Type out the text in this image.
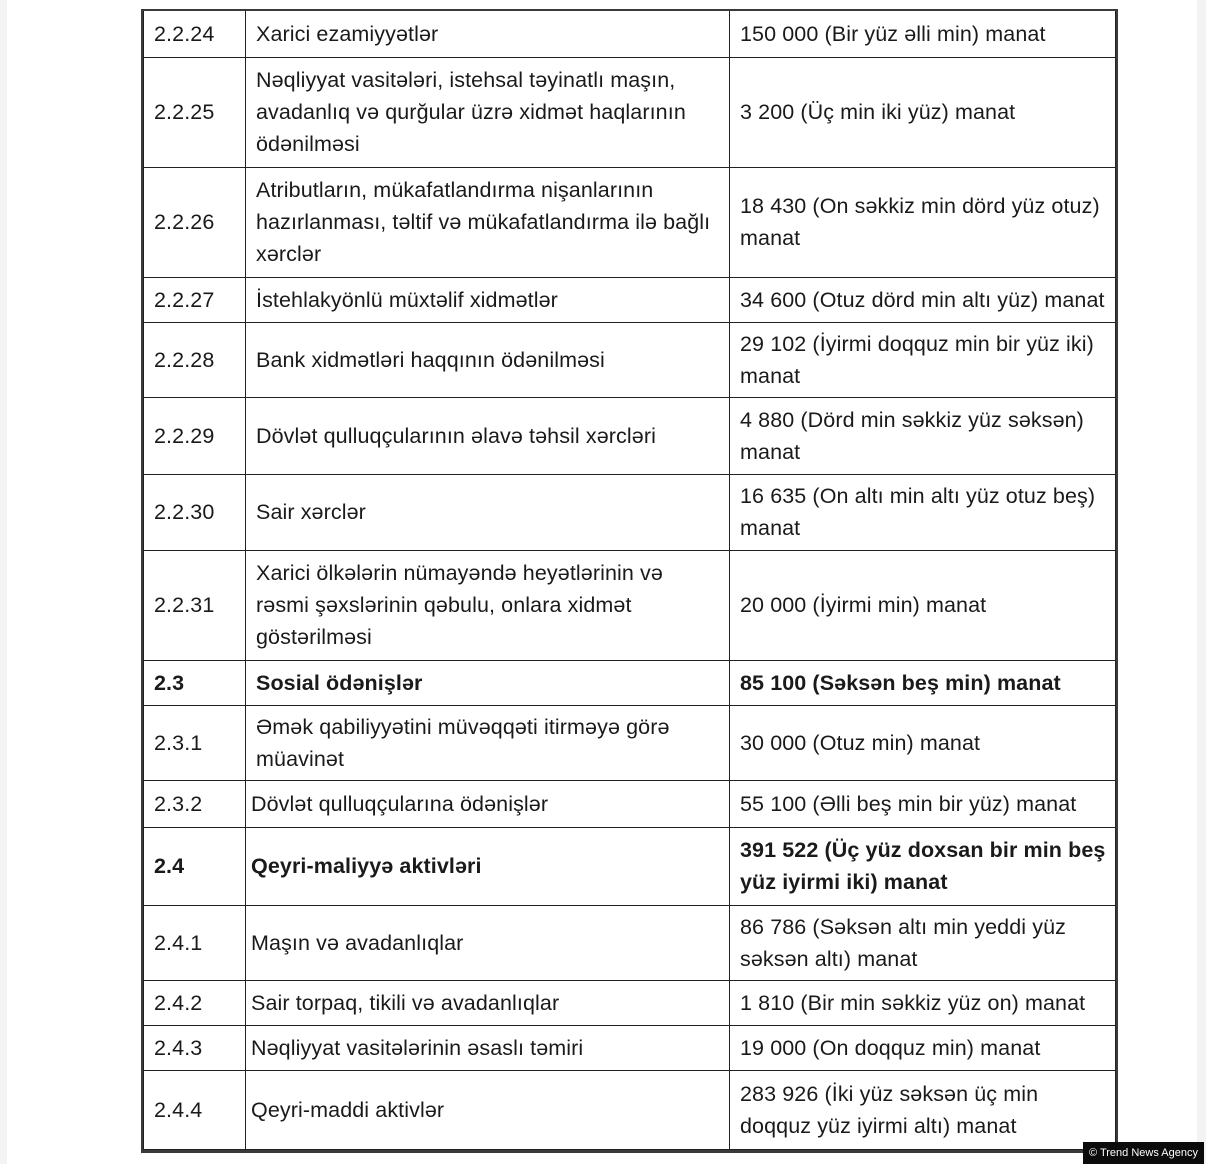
2.2.24	Xarici ezamiyyətlər	150 000 (Bir yüz əlli min) manat
2.2.25	Nəqliyyat vasitələri, istehsal təyinatlı maşın, avadanlıq və qurğular üzrə xidmət haqlarının ödənilməsi	3 200 (Üç min iki yüz) manat
2.2.26	Atributların, mükafatlandırma nişanlarının hazırlanması, təltif və mükafatlandırma ilə bağlı xərclər	18 430 (On səkkiz min dörd yüz otuz) manat
2.2.27	İstehlakyönlü müxtəlif xidmətlər	34 600 (Otuz dörd min altı yüz) manat
2.2.28	Bank xidmətləri haqqının ödənilməsi	29 102 (İyirmi doqquz min bir yüz iki) manat
2.2.29	Dövlət qulluqçularının əlavə təhsil xərcləri	4 880 (Dörd min səkkiz yüz səksən) manat
2.2.30	Sair xərclər	16 635 (On altı min altı yüz otuz beş) manat
2.2.31	Xarici ölkələrin nümayəndə heyətlərinin və rəsmi şəxslərinin qəbulu, onlara xidmət göstərilməsi	20 000 (İyirmi min) manat
2.3	Sosial ödənişlər	85 100 (Səksən beş min) manat
2.3.1	Əmək qabiliyyətini müvəqqəti itirməyə görə müavinət	30 000 (Otuz min) manat
2.3.2	Dövlət qulluqçularına ödənişlər	55 100 (Əlli beş min bir yüz) manat
2.4	Qeyri-maliyyə aktivləri	391 522 (Üç yüz doxsan bir min beş yüz iyirmi iki) manat
2.4.1	Maşın və avadanlıqlar	86 786 (Səksən altı min yeddi yüz səksən altı) manat
2.4.2	Sair torpaq, tikili və avadanlıqlar	1 810 (Bir min səkkiz yüz on) manat
2.4.3	Nəqliyyat vasitələrinin əsaslı təmiri	19 000 (On doqquz min) manat
2.4.4	Qeyri-maddi aktivlər	283 926 (İki yüz səksən üç min doqquz yüz iyirmi altı) manat
© Trend News Agency
